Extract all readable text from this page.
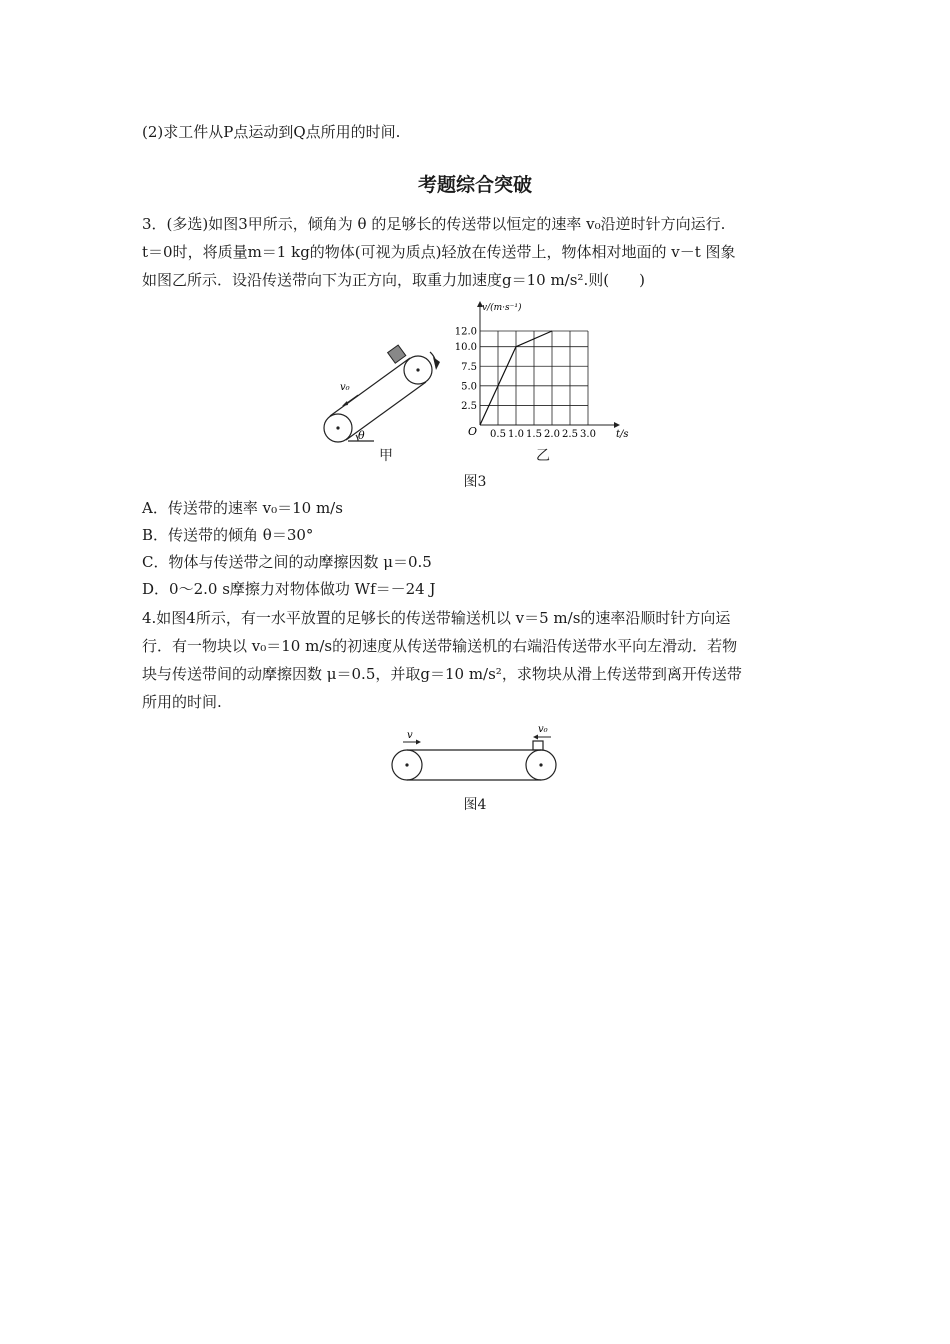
(2)求工件从P点运动到Q点所用的时间.
考题综合突破
3．(多选)如图3甲所示，倾角为 θ 的足够长的传送带以恒定的速率 v₀沿逆时针方向运行.
t＝0时，将质量m＝1 kg的物体(可视为质点)轻放在传送带上，物体相对地面的 v－t 图象
如图乙所示．设沿传送带向下为正方向，取重力加速度g＝10 m/s².则(　　)
v₀
θ
甲
0.5 1.0 1.5 2.0 2.5 3.0
2.5
5.0
7.5
10.0
12.0
v/(m·s⁻¹)
t/s
O
乙
图3
A．传送带的速率 v₀＝10 m/s
B．传送带的倾角 θ＝30°
C．物体与传送带之间的动摩擦因数 μ＝0.5
D．0～2.0 s摩擦力对物体做功 Wf＝－24 J
4.如图4所示，有一水平放置的足够长的传送带输送机以 v＝5 m/s的速率沿顺时针方向运
行．有一物块以 v₀＝10 m/s的初速度从传送带输送机的右端沿传送带水平向左滑动．若物
块与传送带间的动摩擦因数 μ＝0.5，并取g＝10 m/s²，求物块从滑上传送带到离开传送带
所用的时间.
v
v₀
图4
